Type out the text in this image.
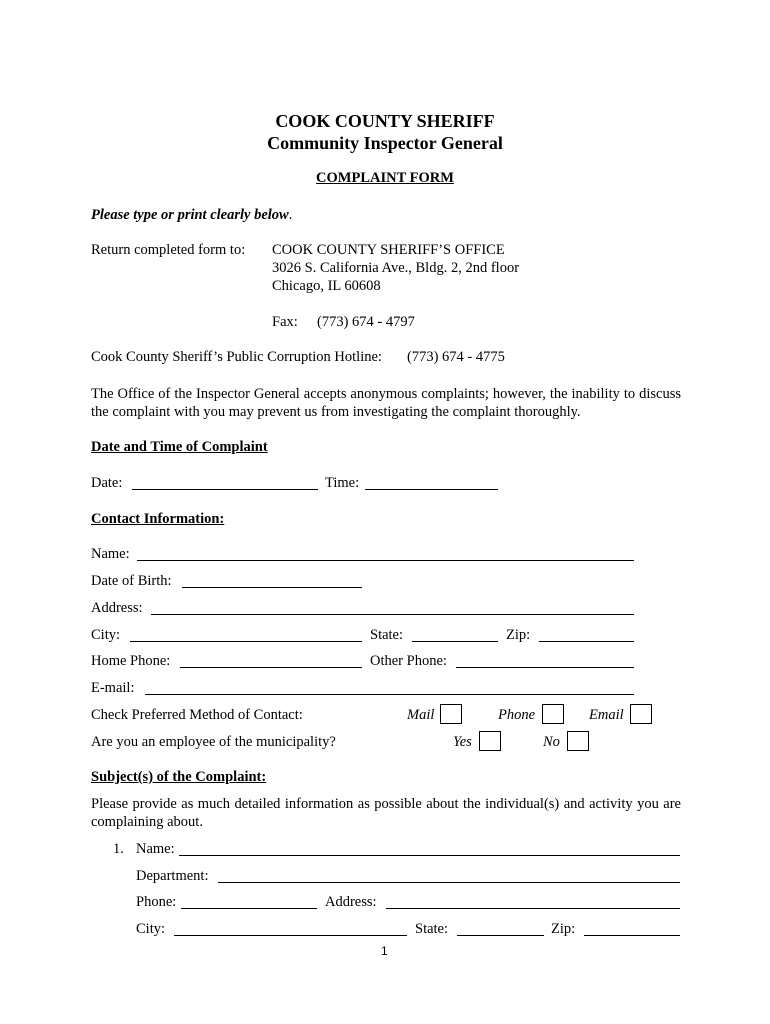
COOK COUNTY SHERIFF
Community Inspector General
COMPLAINT FORM
Please type or print clearly below.
Return completed form to: COOK COUNTY SHERIFF’S OFFICE
3026 S. California Ave., Bldg. 2, 2nd floor
Chicago, IL 60608
Fax: (773) 674 - 4797
Cook County Sheriff’s Public Corruption Hotline: (773) 674 - 4775
The Office of the Inspector General accepts anonymous complaints; however, the inability to discuss the complaint with you may prevent us from investigating the complaint thoroughly.
Date and Time of Complaint
Date:	Time:
Contact Information:
Name:
Date of Birth:
Address:
City:	State:	Zip:
Home Phone:	Other Phone:
E-mail:
Check Preferred Method of Contact:	Mail	Phone	Email
Are you an employee of the municipality?	Yes	No
Subject(s) of the Complaint:
Please provide as much detailed information as possible about the individual(s) and activity you are complaining about.
1. Name:
Department:
Phone:	Address:
City:	State:	Zip:
1
